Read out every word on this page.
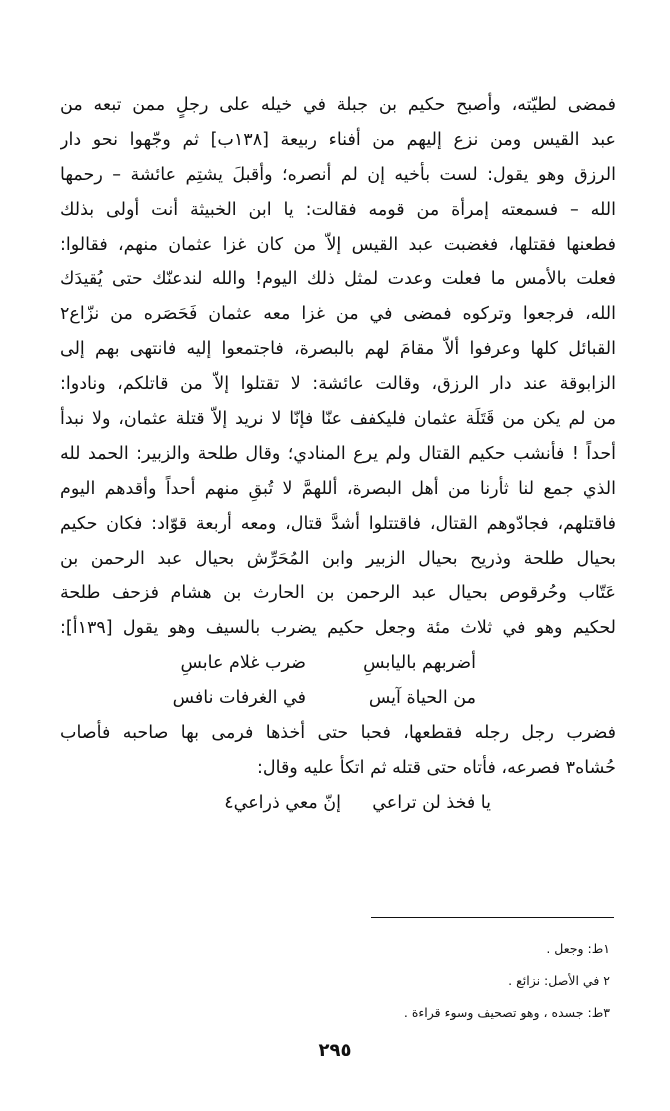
فمضى لطيّته، وأصبح حكيم بن جبلة في خيله على رجلٍ ممن تبعه من
عبد القيس ومن نزع إليهم من أفناء ربيعة [١٣٨ب] ثم وجّهوا نحو دار
الرزق وهو يقول: لست بأخيه إن لم أنصره؛ وأقبلَ يشتِم عائشة – رحمها
الله – فسمعته إمرأة من قومه فقالت: يا ابن الخبيثة أنت أولى بذلك
فطعنها فقتلها، فغضبت عبد القيس إلاّ من كان غزا عثمان منهم، فقالوا:
فعلت بالأمس ما فعلت وعدت لمثل ذلك اليوم! والله لندعنّك حتى يُقيدَك
الله، فرجعوا وتركوه فمضى في من غزا معه عثمان فَحَصَره من نزّاع٢
القبائل كلها وعرفوا ألاّ مقامَ لهم بالبصرة، فاجتمعوا إليه فانتهى بهم إلى
الزابوقة عند دار الرزق، وقالت عائشة: لا تقتلوا إلاّ من قاتلكم، ونادوا:
من لم يكن من قَتَلَة عثمان فليكفف عنّا فإنّا لا نريد إلاّ قتلة عثمان، ولا نبدأ
أحداً ! فأنشب حكيم القتال ولم يرع المنادي؛ وقال طلحة والزبير: الحمد لله
الذي جمع لنا ثأرنا من أهل البصرة، أللهمَّ لا تُبقِ منهم أحداً وأقدهم اليوم
فاقتلهم، فجادّوهم القتال، فاقتتلوا أشدَّ قتال، ومعه أربعة قوّاد: فكان حكيم
بحيال طلحة وذريح بحيال الزبير وابن المُحَرِّش بحيال عبد الرحمن بن
عَتّاب وحُرقوص بحيال عبد الرحمن بن الحارث بن هشام فزحف طلحة
لحكيم وهو في ثلاث مئة وجعل حكيم يضرب بالسيف وهو يقول [١٣٩أ]:
أضربهم باليابسِ
ضرب غلام عابسِ
من الحياة آيس
في الغرفات نافس
فضرب رجل رجله فقطعها، فحبا حتى أخذها فرمى بها صاحبه فأصاب
حُشاه٣ فصرعه، فأتاه حتى قتله ثم اتكأ عليه وقال:
يا فخذ لن تراعي
إنّ معي ذراعي٤
١ط: وجعل .
٢ في الأصل: نزائع .
٣ط: جسده ، وهو تصحيف وسوء قراءة .
٢٩٥
